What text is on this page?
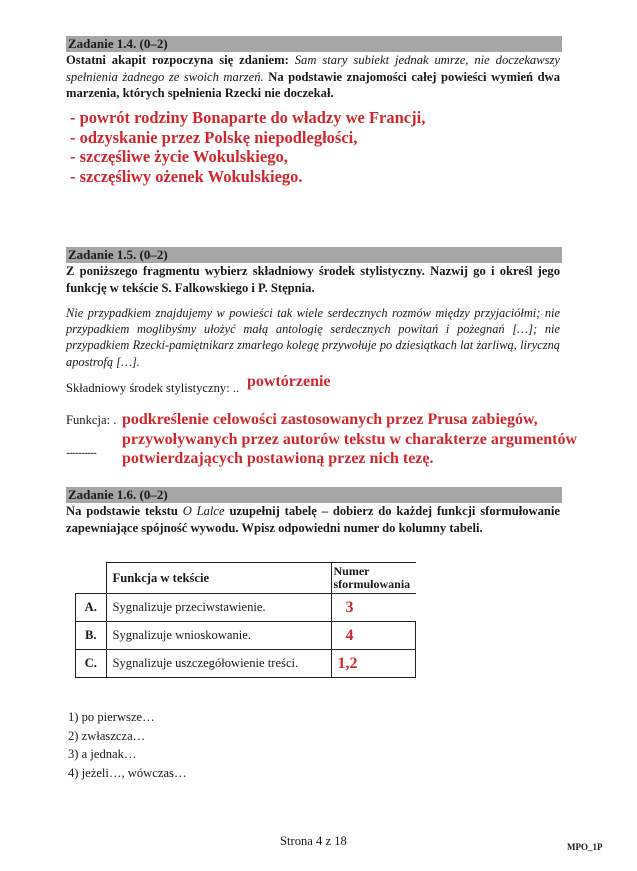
Zadanie 1.4. (0–2)
Ostatni akapit rozpoczyna się zdaniem: Sam stary subiekt jednak umrze, nie doczekawszy spełnienia żadnego ze swoich marzeń. Na podstawie znajomości całej powieści wymień dwa marzenia, których spełnienia Rzecki nie doczekał.
- powrót rodziny Bonaparte do władzy we Francji,
- odzyskanie przez Polskę niepodległości,
- szczęśliwe życie Wokulskiego,
- szczęśliwy ożenek Wokulskiego.
Zadanie 1.5. (0–2)
Z poniższego fragmentu wybierz składniowy środek stylistyczny. Nazwij go i określ jego funkcję w tekście S. Falkowskiego i P. Stępnia.
Nie przypadkiem znajdujemy w powieści tak wiele serdecznych rozmów między przyjaciółmi; nie przypadkiem moglibyśmy ułożyć małą antologię serdecznych powitań i pożegnań […]; nie przypadkiem Rzecki-pamiętnikarz zmarłego kolegę przywołuje po dziesiątkach lat żarliwą, liryczną apostrofą […].
Składniowy środek stylistyczny: .. powtórzenie
Funkcja: .
....................
podkreślenie celowości zastosowanych przez Prusa zabiegów,
przywoływanych przez autorów tekstu w charakterze argumentów
potwierdzających postawioną przez nich tezę.
Zadanie 1.6. (0–2)
Na podstawie tekstu O Lalce uzupełnij tabelę – dobierz do każdej funkcji sformułowanie zapewniające spójność wywodu. Wpisz odpowiedni numer do kolumny tabeli.
	Funkcja w tekście	Numer sformułowania
A.	Sygnalizuje przeciwstawienie.	3
B.	Sygnalizuje wnioskowanie.	4
C.	Sygnalizuje uszczegółowienie treści.	1,2
1) po pierwsze…
2) zwłaszcza…
3) a jednak…
4) jeżeli…, wówczas…
Strona 4 z 18	MPO_1P
